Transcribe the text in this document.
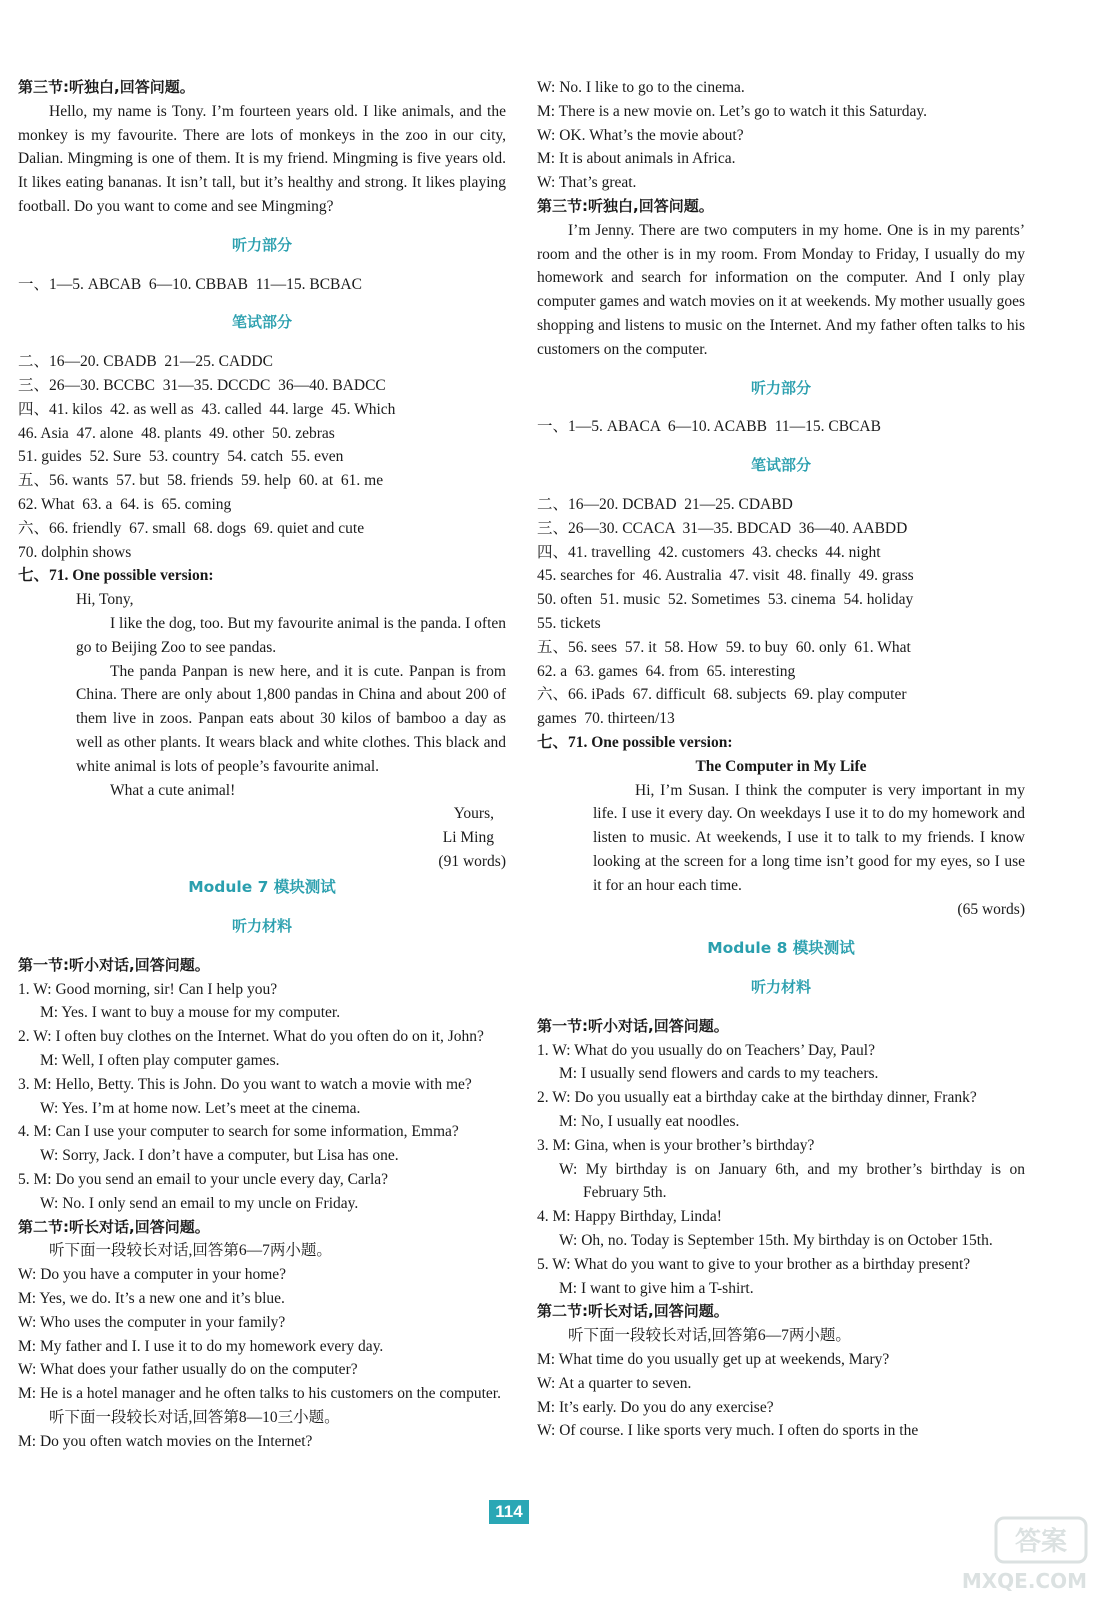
第三节:听独白,回答问题。

Hello, my name is Tony. I’m fourteen years old. I like animals, and the monkey is my favourite. There are lots of monkeys in the zoo in our city, Dalian. Mingming is one of them. It is my friend. Mingming is five years old. It likes eating bananas. It isn’t tall, but it’s healthy and strong. It likes playing football. Do you want to come and see Mingming?

听力部分

一、1—5. ABCAB  6—10. CBBAB  11—15. BCBAC

笔试部分

二、16—20. CBADB  21—25. CADDC

三、26—30. BCCBC  31—35. DCCDC  36—40. BADCC

四、41. kilos  42. as well as  43. called  44. large  45. Which

46. Asia  47. alone  48. plants  49. other  50. zebras

51. guides  52. Sure  53. country  54. catch  55. even

五、56. wants  57. but  58. friends  59. help  60. at  61. me

62. What  63. a  64. is  65. coming

六、66. friendly  67. small  68. dogs  69. quiet and cute

70. dolphin shows

七、71. One possible version:

Hi, Tony,

I like the dog, too. But my favourite animal is the panda. I often go to Beijing Zoo to see pandas.

The panda Panpan is new here, and it is cute. Panpan is from China. There are only about 1,800 pandas in China and about 200 of them live in zoos. Panpan eats about 30 kilos of bamboo a day as well as other plants. It wears black and white clothes. This black and white animal is lots of people’s favourite animal.

What a cute animal!

Yours,

Li Ming

(91 words)

Module 7 模块测试

听力材料

第一节:听小对话,回答问题。

1. W: Good morning, sir! Can I help you?

M: Yes. I want to buy a mouse for my computer.

2. W: I often buy clothes on the Internet. What do you often do on it, John?

M: Well, I often play computer games.

3. M: Hello, Betty. This is John. Do you want to watch a movie with me?

W: Yes. I’m at home now. Let’s meet at the cinema.

4. M: Can I use your computer to search for some information, Emma?

W: Sorry, Jack. I don’t have a computer, but Lisa has one.

5. M: Do you send an email to your uncle every day, Carla?

W: No. I only send an email to my uncle on Friday.

第二节:听长对话,回答问题。

听下面一段较长对话,回答第6—7两小题。

W: Do you have a computer in your home?

M: Yes, we do. It’s a new one and it’s blue.

W: Who uses the computer in your family?

M: My father and I. I use it to do my homework every day.

W: What does your father usually do on the computer?

M: He is a hotel manager and he often talks to his customers on the computer.

听下面一段较长对话,回答第8—10三小题。

M: Do you often watch movies on the Internet?

W: No. I like to go to the cinema.

M: There is a new movie on. Let’s go to watch it this Saturday.

W: OK. What’s the movie about?

M: It is about animals in Africa.

W: That’s great.

第三节:听独白,回答问题。

I’m Jenny. There are two computers in my home. One is in my parents’ room and the other is in my room. From Monday to Friday, I usually do my homework and search for information on the computer. And I only play computer games and watch movies on it at weekends. My mother usually goes shopping and listens to music on the Internet. And my father often talks to his customers on the computer.

听力部分

一、1—5. ABACA  6—10. ACABB  11—15. CBCAB

笔试部分

二、16—20. DCBAD  21—25. CDABD

三、26—30. CCACA  31—35. BDCAD  36—40. AABDD

四、41. travelling  42. customers  43. checks  44. night

45. searches for  46. Australia  47. visit  48. finally  49. grass

50. often  51. music  52. Sometimes  53. cinema  54. holiday

55. tickets

五、56. sees  57. it  58. How  59. to buy  60. only  61. What

62. a  63. games  64. from  65. interesting

六、66. iPads  67. difficult  68. subjects  69. play computer

games  70. thirteen/13

七、71. One possible version:

The Computer in My Life

Hi, I’m Susan. I think the computer is very important in my life. I use it every day. On weekdays I use it to do my homework and listen to music. At weekends, I use it to talk to my friends. I know looking at the screen for a long time isn’t good for my eyes, so I use it for an hour each time.

(65 words)

Module 8 模块测试

听力材料

第一节:听小对话,回答问题。

1. W: What do you usually do on Teachers’ Day, Paul?

M: I usually send flowers and cards to my teachers.

2. W: Do you usually eat a birthday cake at the birthday dinner, Frank?

M: No, I usually eat noodles.

3. M: Gina, when is your brother’s birthday?

W: My birthday is on January 6th, and my brother’s birthday is on February 5th.

4. M: Happy Birthday, Linda!

W: Oh, no. Today is September 15th. My birthday is on October 15th.

5. W: What do you want to give to your brother as a birthday present?

M: I want to give him a T-shirt.

第二节:听长对话,回答问题。

听下面一段较长对话,回答第6—7两小题。

M: What time do you usually get up at weekends, Mary?

W: At a quarter to seven.

M: It’s early. Do you do any exercise?

W: Of course. I like sports very much. I often do sports in the

114
答案
MXQE.COM
